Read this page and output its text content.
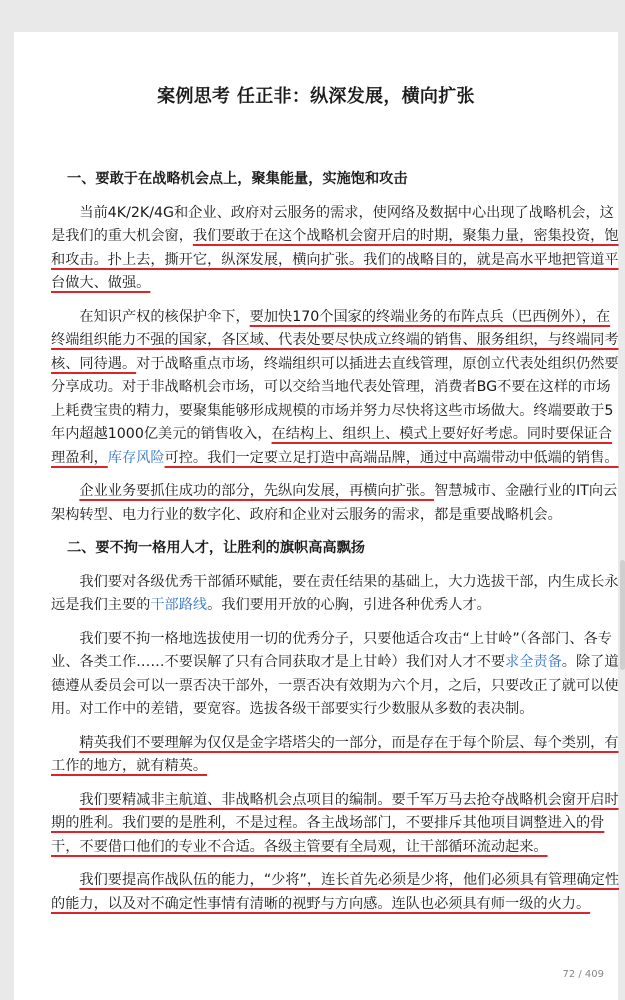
案例思考 任正非：纵深发展，横向扩张
一、要敢于在战略机会点上，聚集能量，实施饱和攻击

当前4K/2K/4G和企业、政府对云服务的需求，使网络及数据中心出现了战略机会，这是我们的重大机会窗，我们要敢于在这个战略机会窗开启的时期，聚集力量，密集投资，饱和攻击。扑上去，撕开它，纵深发展，横向扩张。我们的战略目的，就是高水平地把管道平台做大、做强。

在知识产权的核保护伞下，要加快170个国家的终端业务的布阵点兵（巴西例外），在终端组织能力不强的国家，各区域、代表处要尽快成立终端的销售、服务组织，与终端同考核、同待遇。对于战略重点市场，终端组织可以插进去直线管理，原创立代表处组织仍然要分享成功。对于非战略机会市场，可以交给当地代表处管理，消费者BG不要在这样的市场上耗费宝贵的精力，要聚集能够形成规模的市场并努力尽快将这些市场做大。终端要敢于5年内超越1000亿美元的销售收入，在结构上、组织上、模式上要好好考虑。同时要保证合理盈利，库存风险可控。我们一定要立足打造中高端品牌，通过中高端带动中低端的销售。

企业业务要抓住成功的部分，先纵向发展，再横向扩张。智慧城市、金融行业的IT向云架构转型、电力行业的数字化、政府和企业对云服务的需求，都是重要战略机会。

二、要不拘一格用人才，让胜利的旗帜高高飘扬

我们要对各级优秀干部循环赋能，要在责任结果的基础上，大力选拔干部，内生成长永远是我们主要的干部路线。我们要用开放的心胸，引进各种优秀人才。

我们要不拘一格地选拔使用一切的优秀分子，只要他适合攻击“上甘岭”（各部门、各专业、各类工作……不要误解了只有合同获取才是上甘岭）我们对人才不要求全责备。除了道德遵从委员会可以一票否决干部外，一票否决有效期为六个月，之后，只要改正了就可以使用。对工作中的差错，要宽容。选拔各级干部要实行少数服从多数的表决制。

精英我们不要理解为仅仅是金字塔塔尖的一部分，而是存在于每个阶层、每个类别，有工作的地方，就有精英。

我们要精减非主航道、非战略机会点项目的编制。要千军万马去抢夺战略机会窗开启时期的胜利。我们要的是胜利，不是过程。各主战场部门，不要排斥其他项目调整进入的骨干，不要借口他们的专业不合适。各级主管要有全局观，让干部循环流动起来。

我们要提高作战队伍的能力，“少将”，连长首先必须是少将，他们必须具有管理确定性的能力，以及对不确定性事情有清晰的视野与方向感。连队也必须具有师一级的火力。

72 / 409
